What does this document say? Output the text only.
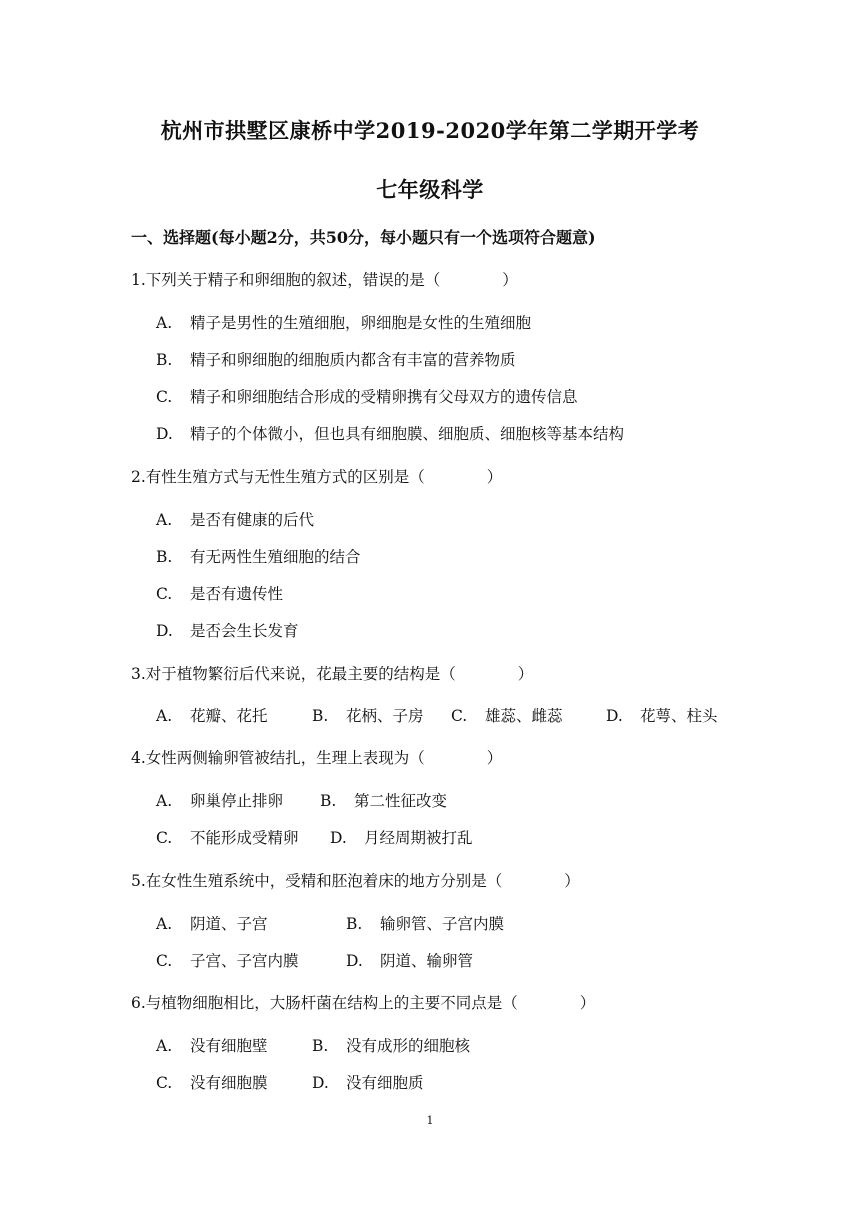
杭州市拱墅区康桥中学2019-2020学年第二学期开学考
七年级科学
一、选择题(每小题2分，共50分，每小题只有一个选项符合题意)
1.下列关于精子和卵细胞的叙述，错误的是（　　　　）
A. 精子是男性的生殖细胞，卵细胞是女性的生殖细胞
B. 精子和卵细胞的细胞质内都含有丰富的营养物质
C. 精子和卵细胞结合形成的受精卵携有父母双方的遗传信息
D. 精子的个体微小，但也具有细胞膜、细胞质、细胞核等基本结构
2.有性生殖方式与无性生殖方式的区别是（　　　　）
A. 是否有健康的后代
B. 有无两性生殖细胞的结合
C. 是否有遗传性
D. 是否会生长发育
3.对于植物繁衍后代来说，花最主要的结构是（　　　　）
A. 花瓣、花托	B. 花柄、子房 C. 雄蕊、雌蕊	D. 花萼、柱头
4.女性两侧输卵管被结扎，生理上表现为（　　　　）
A. 卵巢停止排卵 B. 第二性征改变
C. 不能形成受精卵 D. 月经周期被打乱
5.在女性生殖系统中，受精和胚泡着床的地方分别是（　　　　）
A. 阴道、子宫	B. 输卵管、子宫内膜
C. 子宫、子宫内膜	D. 阴道、输卵管
6.与植物细胞相比，大肠杆菌在结构上的主要不同点是（　　　　）
A. 没有细胞壁	B. 没有成形的细胞核
C. 没有细胞膜	D. 没有细胞质
1
